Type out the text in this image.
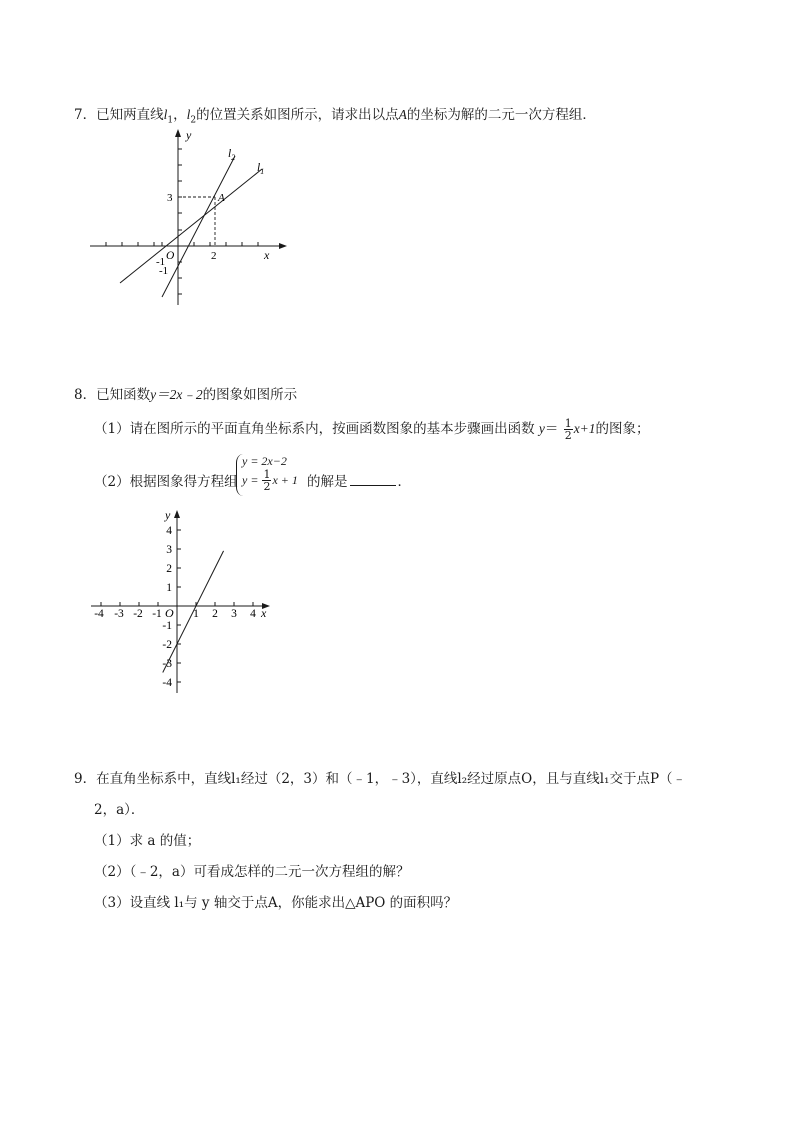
7．已知两直线$l_1$，$l_2$的位置关系如图所示，请求出以点A的坐标为解的二元一次方程组．
y
x
O
3
2
-1
-1
A
$l_1$
$l_2$
8．已知函数y＝2x﹣2的图象如图所示
（1）请在图所示的平面直角坐标系内，按画函数图象的基本步骤画出函数 $y= \frac{1}{2} x+1$的图象；
（2）根据图象得方程组
y = 2x−2
$y = \frac{1}{2}$ x + 1 的解是	．
y
x
O
-4 -3 -2 -1	1 2 3 4
4
3
2
1
-1
-2
-3
-4
9．在直角坐标系中，直线l₁经过（2，3）和（﹣1，﹣3），直线l₂经过原点O，且与直线l₁交于点P（﹣
2，a）．
（1）求 a 的值；
（2）（﹣2，a）可看成怎样的二元一次方程组的解？
（3）设直线 l₁与 y 轴交于点A，你能求出△APO 的面积吗？
